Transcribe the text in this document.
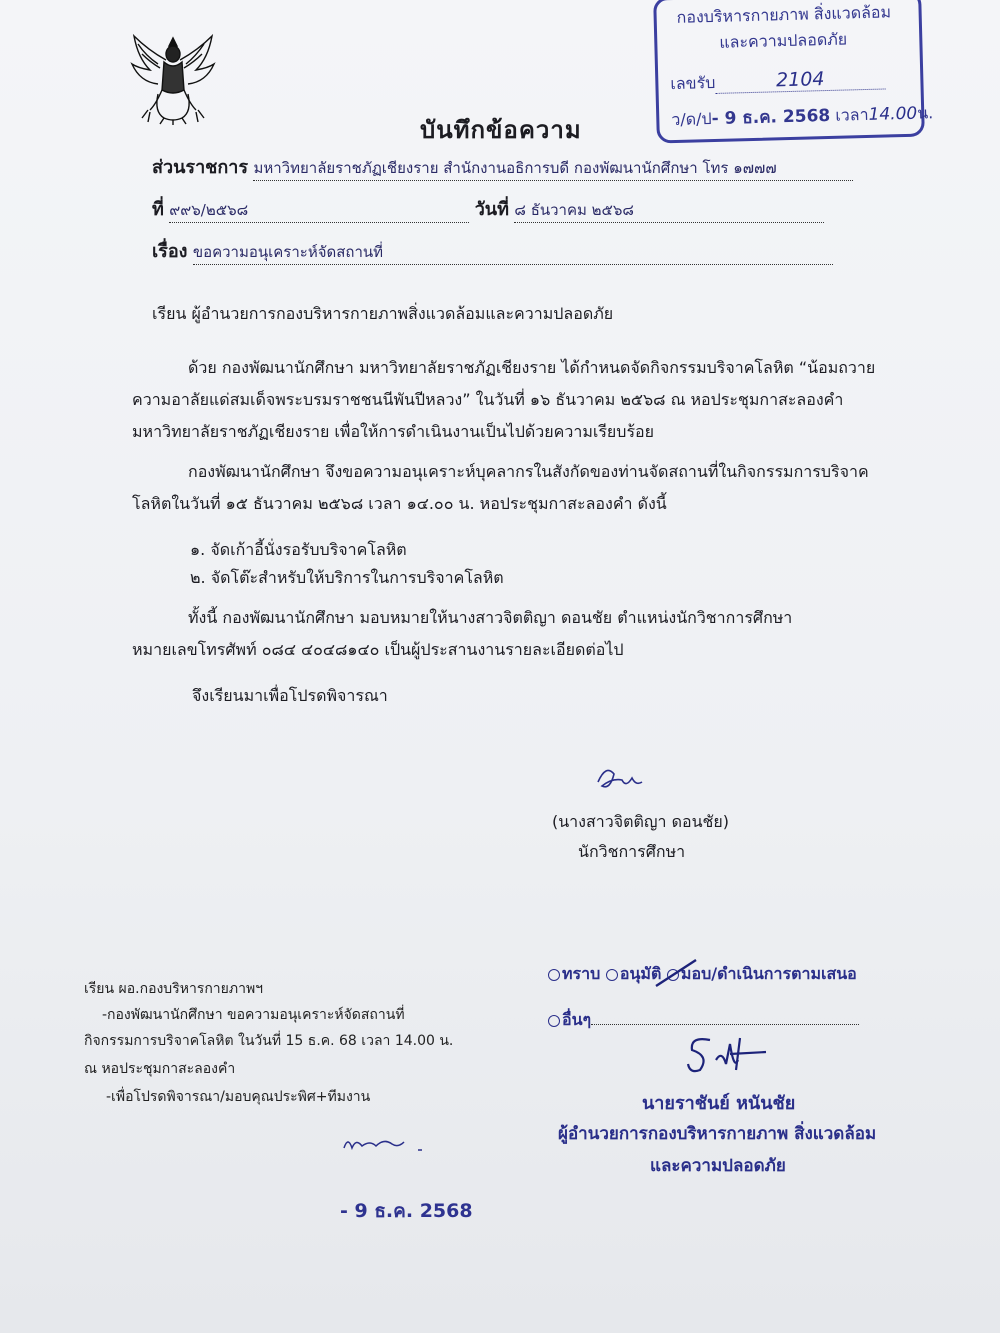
บันทึกข้อความ
กองบริหารกายภาพ สิ่งแวดล้อม
และความปลอดภัย
เลขรับ	2104
ว/ด/ป- 9 ธ.ค. 2568 เวลา14.00น.
ส่วนราชการ มหาวิทยาลัยราชภัฏเชียงราย สำนักงานอธิการบดี กองพัฒนานักศึกษา โทร ๑๗๗๗
ที่ ๙๙๖/๒๕๖๘	วันที่ ๘ ธันวาคม ๒๕๖๘
เรื่อง ขอความอนุเคราะห์จัดสถานที่
เรียน ผู้อำนวยการกองบริหารกายภาพสิ่งแวดล้อมและความปลอดภัย
ด้วย กองพัฒนานักศึกษา มหาวิทยาลัยราชภัฏเชียงราย ได้กำหนดจัดกิจกรรมบริจาคโลหิต “น้อมถวาย
ความอาลัยแด่สมเด็จพระบรมราชชนนีพันปีหลวง” ในวันที่ ๑๖ ธันวาคม ๒๕๖๘ ณ หอประชุมกาสะลองคำ
มหาวิทยาลัยราชภัฏเชียงราย เพื่อให้การดำเนินงานเป็นไปด้วยความเรียบร้อย
กองพัฒนานักศึกษา จึงขอความอนุเคราะห์บุคลากรในสังกัดของท่านจัดสถานที่ในกิจกรรมการบริจาค
โลหิตในวันที่ ๑๕ ธันวาคม ๒๕๖๘ เวลา ๑๔.๐๐ น. หอประชุมกาสะลองคำ ดังนี้
๑. จัดเก้าอี้นั่งรอรับบริจาคโลหิต
๒. จัดโต๊ะสำหรับให้บริการในการบริจาคโลหิต
ทั้งนี้ กองพัฒนานักศึกษา มอบหมายให้นางสาวจิตติญา ดอนชัย ตำแหน่งนักวิชาการศึกษา
หมายเลขโทรศัพท์ ๐๘๔ ๔๐๔๘๑๔๐ เป็นผู้ประสานงานรายละเอียดต่อไป
จึงเรียนมาเพื่อโปรดพิจารณา
(นางสาวจิตติญา ดอนชัย)
นักวิชการศึกษา
เรียน ผอ.กองบริหารกายภาพฯ
-กองพัฒนานักศึกษา ขอความอนุเคราะห์จัดสถานที่
กิจกรรมการบริจาคโลหิต ในวันที่ 15 ธ.ค. 68 เวลา 14.00 น.
ณ หอประชุมกาสะลองคำ
-เพื่อโปรดพิจารณา/มอบคุณประพิศ+ทีมงาน
- 9 ธ.ค. 2568
ทราบ อนุมัติ มอบ/ดำเนินการตามเสนอ
อื่นๆ
นายราชันย์ หนันชัย
ผู้อำนวยการกองบริหารกายภาพ สิ่งแวดล้อม
และความปลอดภัย
